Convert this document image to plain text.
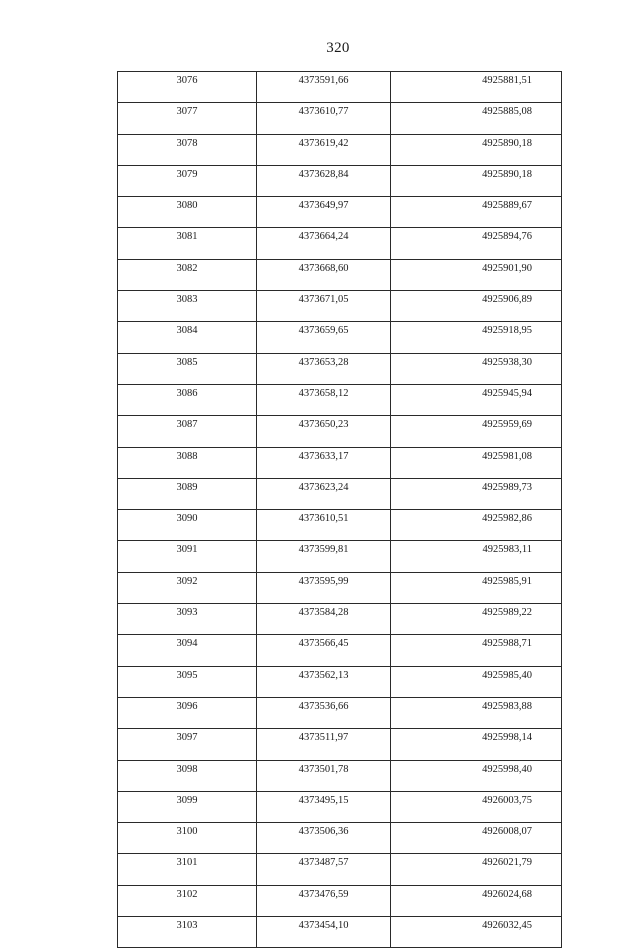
320
3076	4373591,66	4925881,51
3077	4373610,77	4925885,08
3078	4373619,42	4925890,18
3079	4373628,84	4925890,18
3080	4373649,97	4925889,67
3081	4373664,24	4925894,76
3082	4373668,60	4925901,90
3083	4373671,05	4925906,89
3084	4373659,65	4925918,95
3085	4373653,28	4925938,30
3086	4373658,12	4925945,94
3087	4373650,23	4925959,69
3088	4373633,17	4925981,08
3089	4373623,24	4925989,73
3090	4373610,51	4925982,86
3091	4373599,81	4925983,11
3092	4373595,99	4925985,91
3093	4373584,28	4925989,22
3094	4373566,45	4925988,71
3095	4373562,13	4925985,40
3096	4373536,66	4925983,88
3097	4373511,97	4925998,14
3098	4373501,78	4925998,40
3099	4373495,15	4926003,75
3100	4373506,36	4926008,07
3101	4373487,57	4926021,79
3102	4373476,59	4926024,68
3103	4373454,10	4926032,45
